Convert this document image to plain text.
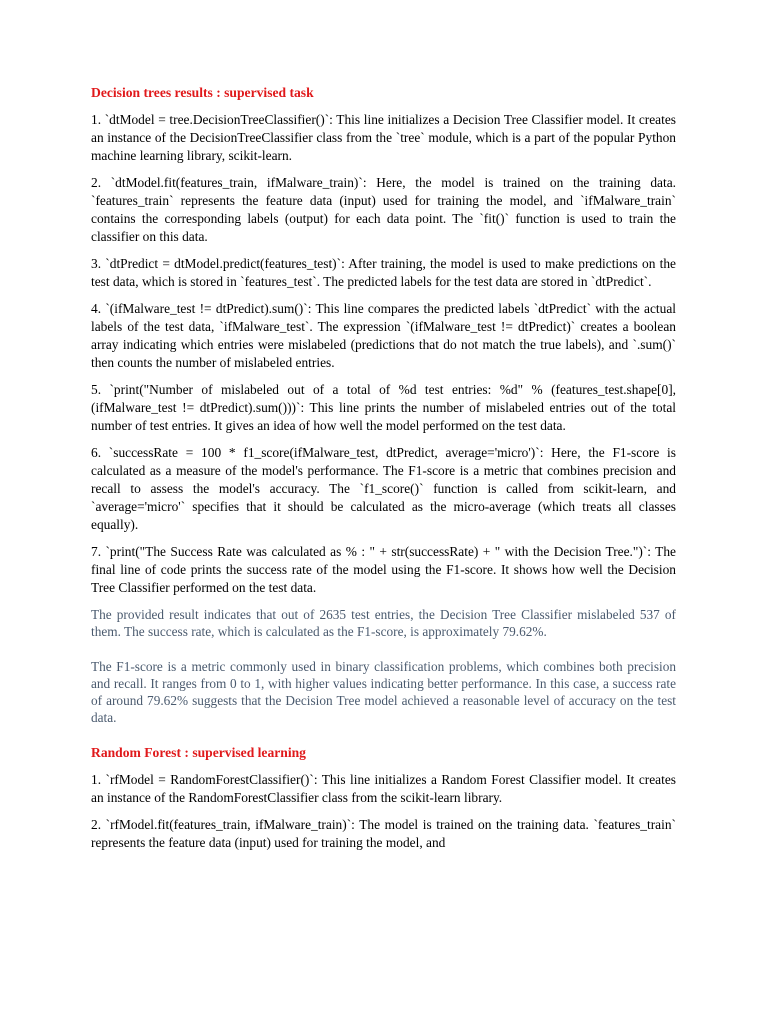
Decision trees results : supervised task
1. `dtModel = tree.DecisionTreeClassifier()`: This line initializes a Decision Tree Classifier model. It creates an instance of the DecisionTreeClassifier class from the `tree` module, which is a part of the popular Python machine learning library, scikit-learn.
2. `dtModel.fit(features_train, ifMalware_train)`: Here, the model is trained on the training data. `features_train` represents the feature data (input) used for training the model, and `ifMalware_train` contains the corresponding labels (output) for each data point. The `fit()` function is used to train the classifier on this data.
3. `dtPredict = dtModel.predict(features_test)`: After training, the model is used to make predictions on the test data, which is stored in `features_test`. The predicted labels for the test data are stored in `dtPredict`.
4. `(ifMalware_test != dtPredict).sum()`: This line compares the predicted labels `dtPredict` with the actual labels of the test data, `ifMalware_test`. The expression `(ifMalware_test != dtPredict)` creates a boolean array indicating which entries were mislabeled (predictions that do not match the true labels), and `.sum()` then counts the number of mislabeled entries.
5. `print("Number of mislabeled out of a total of %d test entries: %d" % (features_test.shape[0], (ifMalware_test != dtPredict).sum()))`: This line prints the number of mislabeled entries out of the total number of test entries. It gives an idea of how well the model performed on the test data.
6. `successRate = 100 * f1_score(ifMalware_test, dtPredict, average='micro')`: Here, the F1-score is calculated as a measure of the model's performance. The F1-score is a metric that combines precision and recall to assess the model's accuracy. The `f1_score()` function is called from scikit-learn, and `average='micro'` specifies that it should be calculated as the micro-average (which treats all classes equally).
7. `print("The Success Rate was calculated as % : " + str(successRate) + " with the Decision Tree.")`: The final line of code prints the success rate of the model using the F1-score. It shows how well the Decision Tree Classifier performed on the test data.
The provided result indicates that out of 2635 test entries, the Decision Tree Classifier mislabeled 537 of them. The success rate, which is calculated as the F1-score, is approximately 79.62%.
The F1-score is a metric commonly used in binary classification problems, which combines both precision and recall. It ranges from 0 to 1, with higher values indicating better performance. In this case, a success rate of around 79.62% suggests that the Decision Tree model achieved a reasonable level of accuracy on the test data.
Random Forest : supervised learning
1. `rfModel = RandomForestClassifier()`: This line initializes a Random Forest Classifier model. It creates an instance of the RandomForestClassifier class from the scikit-learn library.
2. `rfModel.fit(features_train, ifMalware_train)`: The model is trained on the training data. `features_train` represents the feature data (input) used for training the model, and
